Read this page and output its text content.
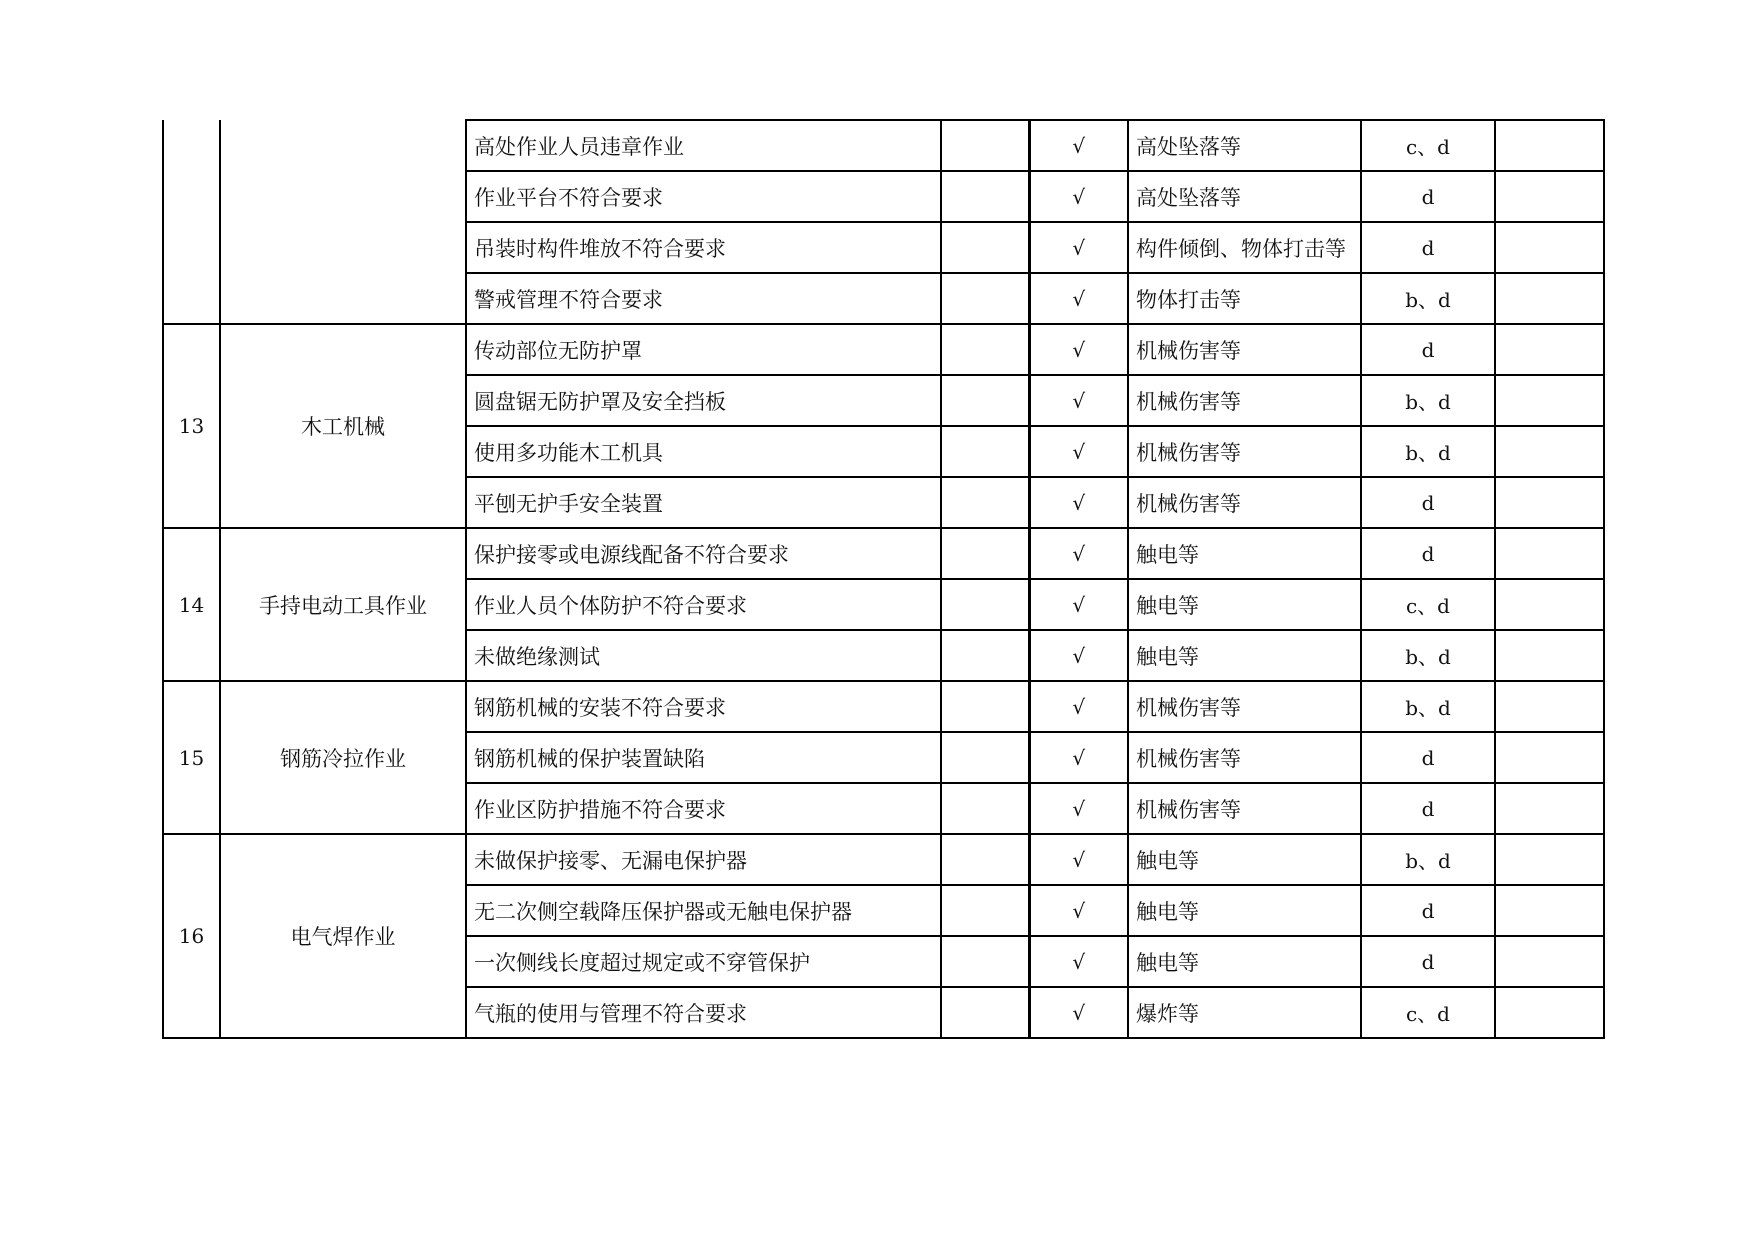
		高处作业人员违章作业		√	高处坠落等	c、d	
		作业平台不符合要求		√	高处坠落等	d	
		吊装时构件堆放不符合要求		√	构件倾倒、物体打击等	d	
		警戒管理不符合要求		√	物体打击等	b、d	
13	木工机械	传动部位无防护罩		√	机械伤害等	d	
		圆盘锯无防护罩及安全挡板		√	机械伤害等	b、d	
		使用多功能木工机具		√	机械伤害等	b、d	
		平刨无护手安全装置		√	机械伤害等	d	
14	手持电动工具作业	保护接零或电源线配备不符合要求		√	触电等	d	
		作业人员个体防护不符合要求		√	触电等	c、d	
		未做绝缘测试		√	触电等	b、d	
15	钢筋冷拉作业	钢筋机械的安装不符合要求		√	机械伤害等	b、d	
		钢筋机械的保护装置缺陷		√	机械伤害等	d	
		作业区防护措施不符合要求		√	机械伤害等	d	
16	电气焊作业	未做保护接零、无漏电保护器		√	触电等	b、d	
		无二次侧空载降压保护器或无触电保护器		√	触电等	d	
		一次侧线长度超过规定或不穿管保护		√	触电等	d	
		气瓶的使用与管理不符合要求		√	爆炸等	c、d	
